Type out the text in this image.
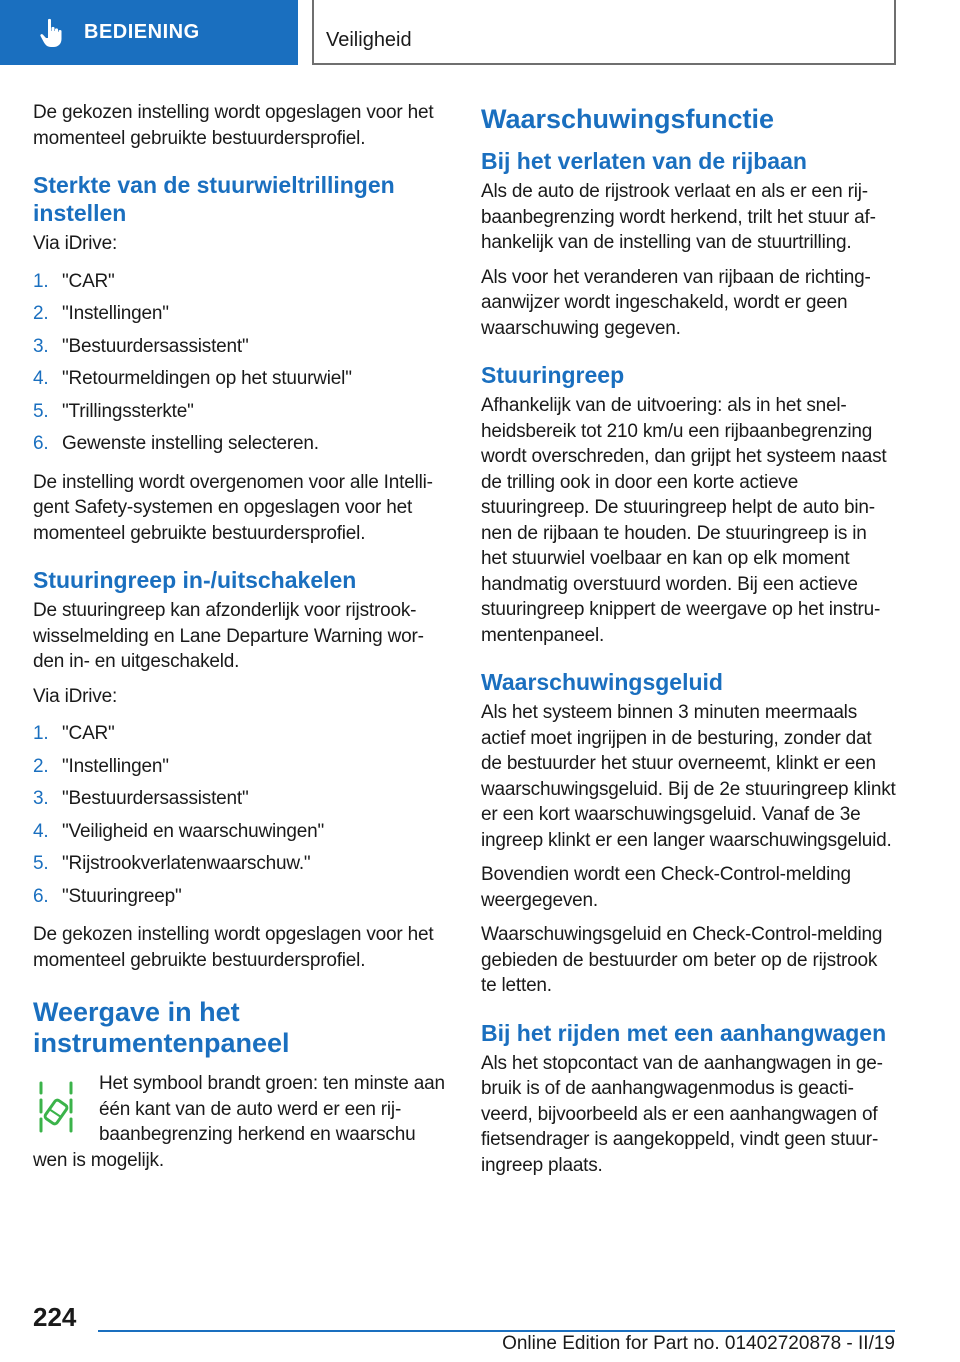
BEDIENING	Veiligheid

De gekozen instelling wordt opgeslagen voor het momenteel gebruikte bestuurdersprofiel.

Sterkte van de stuurwieltrillingen instellen

Via iDrive:

1. "CAR"
2. "Instellingen"
3. "Bestuurdersassistent"
4. "Retourmeldingen op het stuurwiel"
5. "Trillingssterkte"
6. Gewenste instelling selecteren.

De instelling wordt overgenomen voor alle Intelligent Safety-systemen en opgeslagen voor het momenteel gebruikte bestuurdersprofiel.

Stuuringreep in-/uitschakelen

De stuuringreep kan afzonderlijk voor rijstrookwisselmelding en Lane Departure Warning worden in- en uitgeschakeld.

Via iDrive:

1. "CAR"
2. "Instellingen"
3. "Bestuurdersassistent"
4. "Veiligheid en waarschuwingen"
5. "Rijstrookverlatenwaarschuw."
6. "Stuuringreep"

De gekozen instelling wordt opgeslagen voor het momenteel gebruikte bestuurdersprofiel.

Weergave in het instrumentenpaneel

Het symbool brandt groen: ten minste aan één kant van de auto werd er een rijbaanbegrenzing herkend en waarschu
wen is mogelijk.

Waarschuwingsfunctie
Bij het verlaten van de rijbaan

Als de auto de rijstrook verlaat en als er een rijbaanbegrenzing wordt herkend, trilt het stuur afhankelijk van de instelling van de stuurtrilling.

Als voor het veranderen van rijbaan de richtingaanwijzer wordt ingeschakeld, wordt er geen waarschuwing gegeven.

Stuuringreep

Afhankelijk van de uitvoering: als in het snelheidsbereik tot 210 km/u een rijbaanbegrenzing wordt overschreden, dan grijpt het systeem naast de trilling ook in door een korte actieve stuuringreep. De stuuringreep helpt de auto binnen de rijbaan te houden. De stuuringreep is in het stuurwiel voelbaar en kan op elk moment handmatig overstuurd worden. Bij een actieve stuuringreep knippert de weergave op het instrumentenpaneel.

Waarschuwingsgeluid

Als het systeem binnen 3 minuten meermaals actief moet ingrijpen in de besturing, zonder dat de bestuurder het stuur overneemt, klinkt er een waarschuwingsgeluid. Bij de 2e stuuringreep klinkt er een kort waarschuwingsgeluid. Vanaf de 3e ingreep klinkt er een langer waarschuwingsgeluid.

Bovendien wordt een Check-Control-melding weergegeven.

Waarschuwingsgeluid en Check-Control-melding gebieden de bestuurder om beter op de rijstrook te letten.

Bij het rijden met een aanhangwagen

Als het stopcontact van de aanhangwagen in gebruik is of de aanhangwagenmodus is geactiveerd, bijvoorbeeld als er een aanhangwagen of fietsendrager is aangekoppeld, vindt geen stuuringreep plaats.

224
Online Edition for Part no. 01402720878 - II/19
